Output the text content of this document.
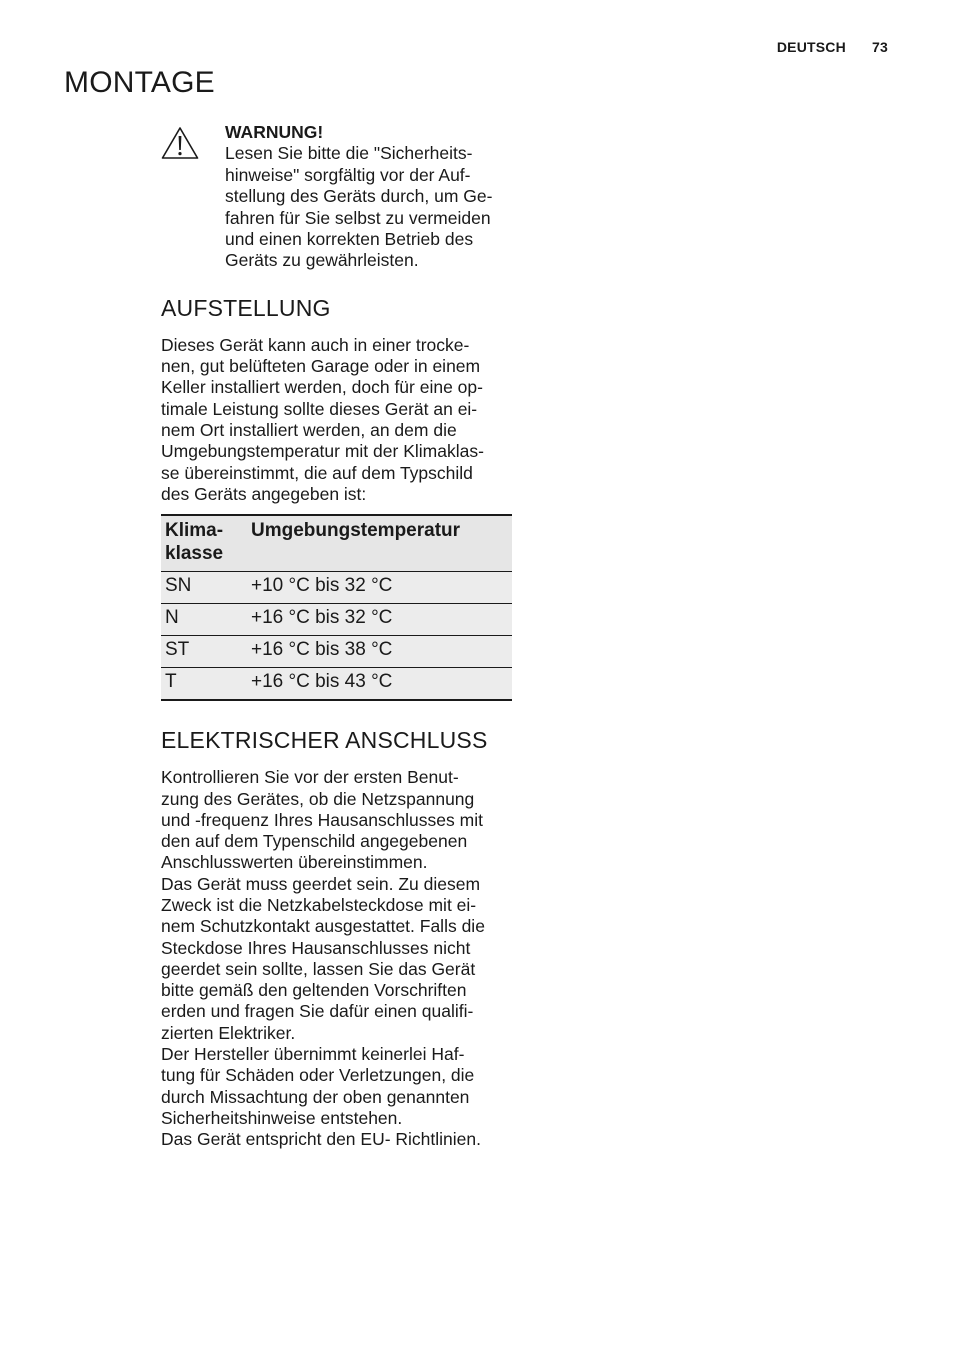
DEUTSCH 73
MONTAGE
WARNUNG!
Lesen Sie bitte die "Sicherheits-
hinweise" sorgfältig vor der Auf-
stellung des Geräts durch, um Ge-
fahren für Sie selbst zu vermeiden
und einen korrekten Betrieb des
Geräts zu gewährleisten.
AUFSTELLUNG
Dieses Gerät kann auch in einer trocke-
nen, gut belüfteten Garage oder in einem
Keller installiert werden, doch für eine op-
timale Leistung sollte dieses Gerät an ei-
nem Ort installiert werden, an dem die
Umgebungstemperatur mit der Klimaklas-
se übereinstimmt, die auf dem Typschild
des Geräts angegeben ist:
Klima-
klasse	Umgebungstemperatur
SN	+10 °C bis 32 °C
N	+16 °C bis 32 °C
ST	+16 °C bis 38 °C
T	+16 °C bis 43 °C
ELEKTRISCHER ANSCHLUSS
Kontrollieren Sie vor der ersten Benut-
zung des Gerätes, ob die Netzspannung
und -frequenz Ihres Hausanschlusses mit
den auf dem Typenschild angegebenen
Anschlusswerten übereinstimmen.
Das Gerät muss geerdet sein. Zu diesem
Zweck ist die Netzkabelsteckdose mit ei-
nem Schutzkontakt ausgestattet. Falls die
Steckdose Ihres Hausanschlusses nicht
geerdet sein sollte, lassen Sie das Gerät
bitte gemäß den geltenden Vorschriften
erden und fragen Sie dafür einen qualifi-
zierten Elektriker.
Der Hersteller übernimmt keinerlei Haf-
tung für Schäden oder Verletzungen, die
durch Missachtung der oben genannten
Sicherheitshinweise entstehen.
Das Gerät entspricht den EU- Richtlinien.
